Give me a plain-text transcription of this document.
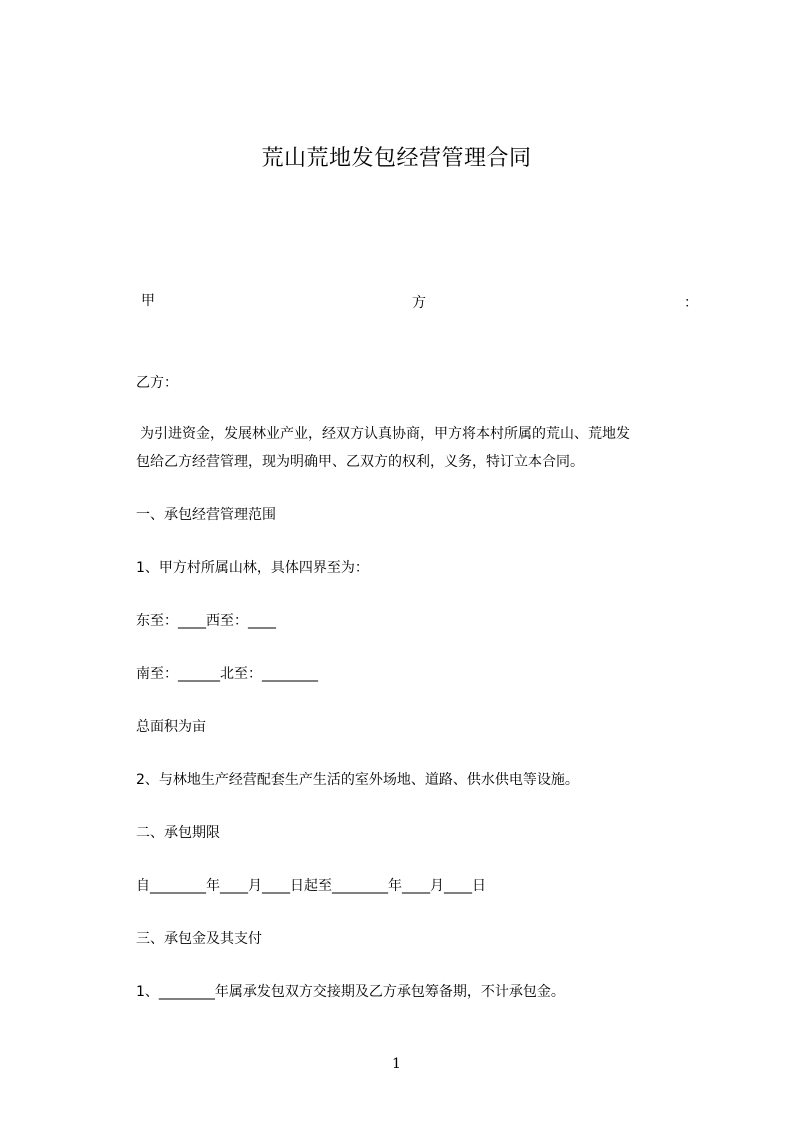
荒山荒地发包经营管理合同
甲	方	：
乙方：
为引进资金，发展林业产业，经双方认真协商，甲方将本村所属的荒山、荒地发
包给乙方经营管理，现为明确甲、乙双方的权利，义务，特订立本合同。
一、承包经营管理范围
1、甲方村所属山林，具体四界至为：
东至：____西至：____
南至：______北至：________
总面积为亩
2、与林地生产经营配套生产生活的室外场地、道路、供水供电等设施。
二、承包期限
自________年____月____日起至________年____月____日
三、承包金及其支付
1、________年属承发包双方交接期及乙方承包筹备期，不计承包金。
1
